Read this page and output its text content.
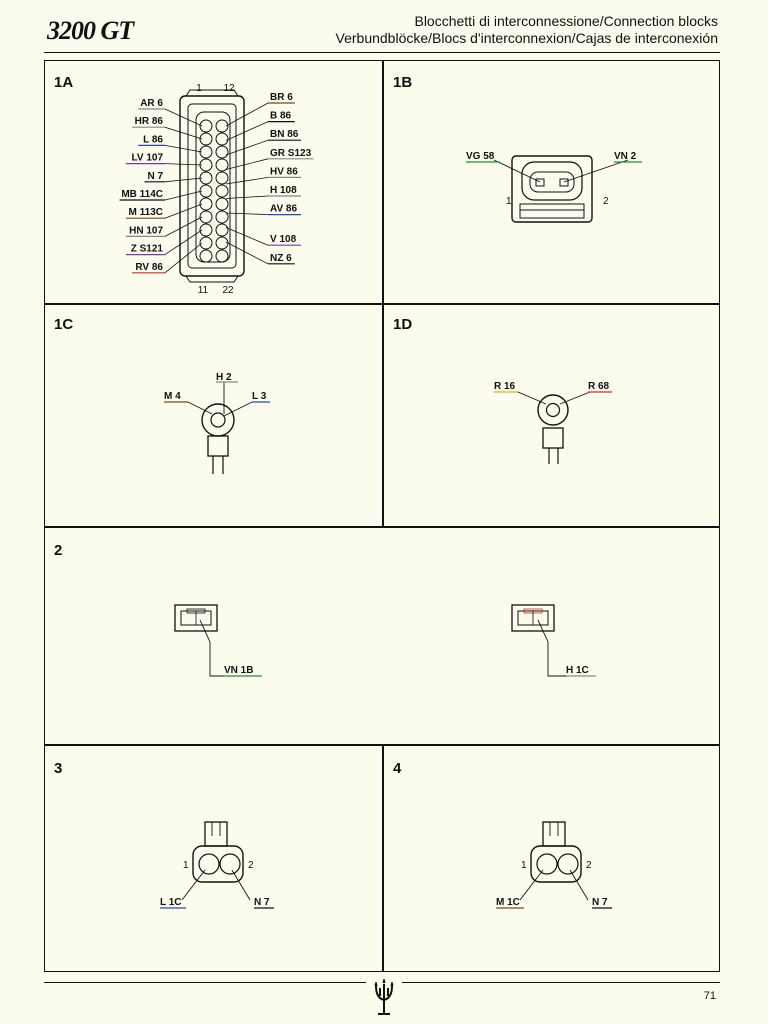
3200 GT	Blocchetti di interconnessione/Connection blocks
Verbundblöcke/Blocs d'interconnexion/Cajas de interconexión
1A	1B
1C	1D
2
3	4
1 12
11 22
AR 6
HR 86
L 86
LV 107
N 7
MB 114C
M 113C
HN 107
Z S121
RV 86
BR 6
B 86
BN 86
GR S123
HV 86
H 108
AV 86
V 108
NZ 6
VG 58	VN 2
1	2
H 2
M 4	L 3
R 16	R 68
VN 1B	H 1C
1	2
L 1C	N 7
1	2
M 1C	N 7
71
